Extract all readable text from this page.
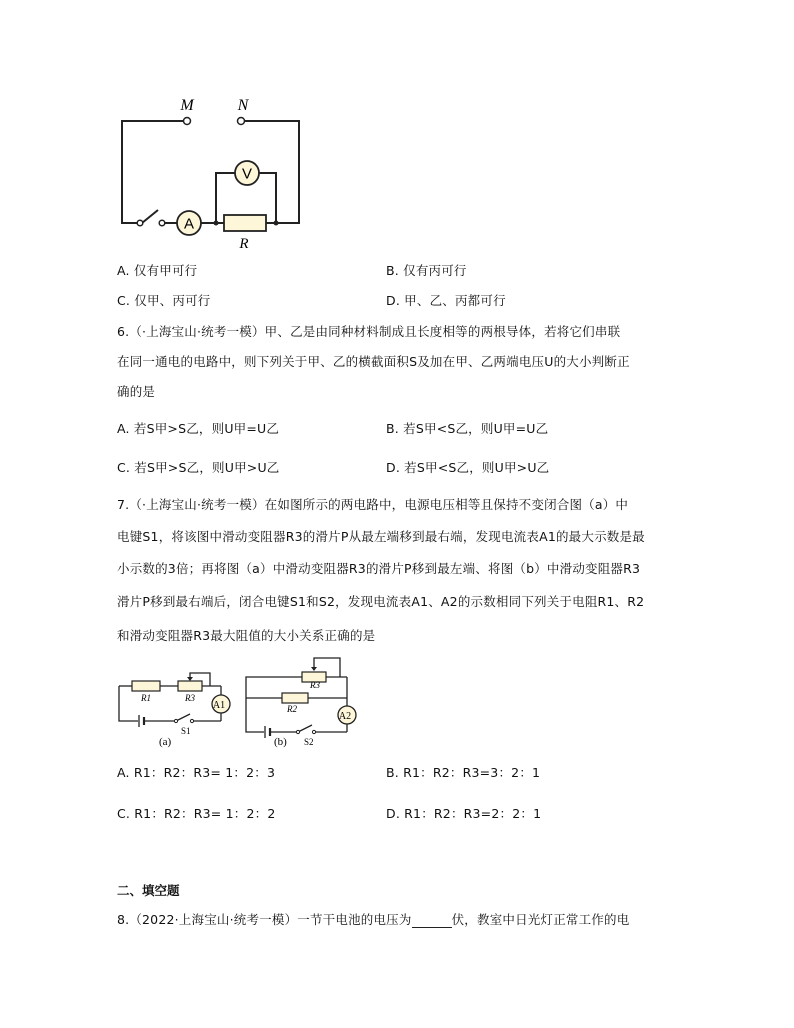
V
A
M	N
R
A. 仅有甲可行	B. 仅有丙可行
C. 仅甲、丙可行	D. 甲、乙、丙都可行
6.（·上海宝山·统考一模）甲、乙是由同种材料制成且长度相等的两根导体，若将它们串联
在同一通电的电路中，则下列关于甲、乙的横截面积S及加在甲、乙两端电压U的大小判断正
确的是
A. 若S甲>S乙，则U甲=U乙	B. 若S甲<S乙，则U甲=U乙
C. 若S甲>S乙，则U甲>U乙	D. 若S甲<S乙，则U甲>U乙
7.（·上海宝山·统考一模）在如图所示的两电路中，电源电压相等且保持不变闭合图（a）中
电键S1，将该图中滑动变阻器R3的滑片P从最左端移到最右端，发现电流表A1的最大示数是最
小示数的3倍；再将图（a）中滑动变阻器R3的滑片P移到最左端、将图（b）中滑动变阻器R3
滑片P移到最右端后，闭合电键S1和S2，发现电流表A1、A2的示数相同下列关于电阻R1、R2
和滑动变阻器R3最大阻值的大小关系正确的是
A1
R1	R3
S1
(a)
A2
R3
R2
S2
(b)
A. R1：R2：R3= 1：2：3	B. R1：R2：R3=3：2：1
C. R1：R2：R3= 1：2：2	D. R1：R2：R3=2：2：1
二、填空题
8.（2022·上海宝山·统考一模）一节干电池的电压为	伏，教室中日光灯正常工作的电
